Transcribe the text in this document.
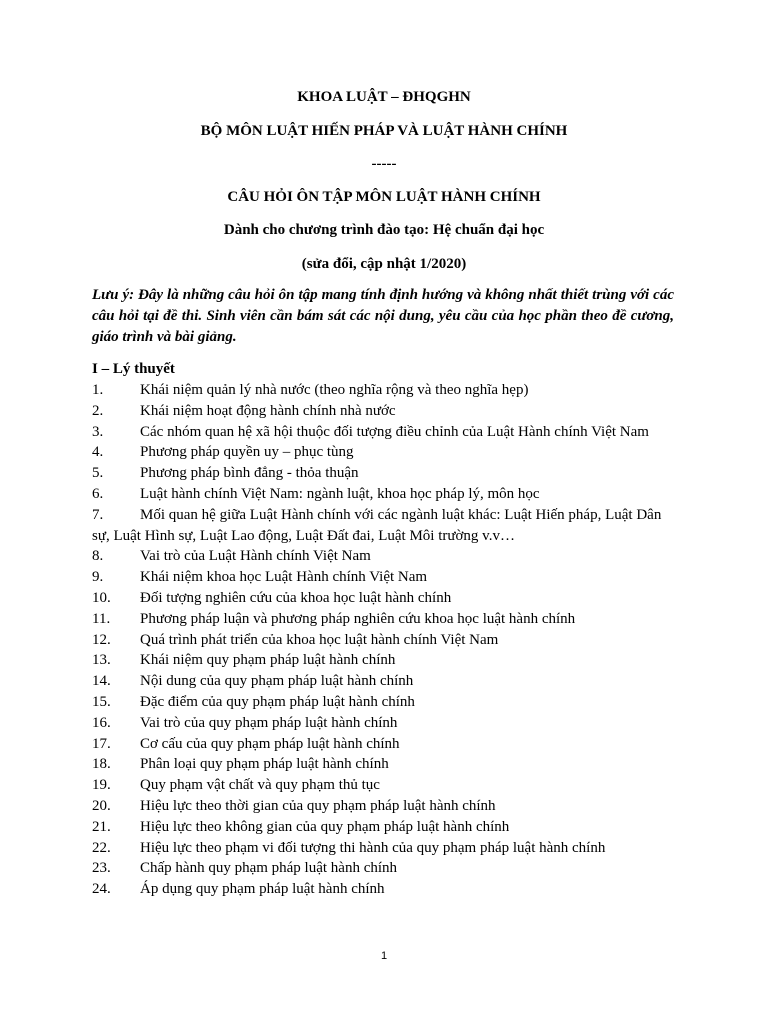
KHOA LUẬT – ĐHQGHN
BỘ MÔN LUẬT HIẾN PHÁP VÀ LUẬT HÀNH CHÍNH
-----
CÂU HỎI ÔN TẬP MÔN LUẬT HÀNH CHÍNH
Dành cho chương trình đào tạo: Hệ chuẩn đại học
(sửa đổi, cập nhật 1/2020)
Lưu ý: Đây là những câu hỏi ôn tập mang tính định hướng và không nhất thiết trùng với các câu hỏi tại đề thi. Sinh viên cần bám sát các nội dung, yêu cầu của học phần theo đề cương, giáo trình và bài giảng.
I – Lý thuyết
1.	Khái niệm quản lý nhà nước (theo nghĩa rộng và theo nghĩa hẹp)
2.	Khái niệm hoạt động hành chính nhà nước
3.	Các nhóm quan hệ xã hội thuộc đối tượng điều chỉnh của Luật Hành chính Việt Nam
4.	Phương pháp quyền uy – phục tùng
5.	Phương pháp bình đẳng - thỏa thuận
6.	Luật hành chính Việt Nam: ngành luật, khoa học pháp lý, môn học
7.	Mối quan hệ giữa Luật Hành chính với các ngành luật khác: Luật Hiến pháp, Luật Dân sự, Luật Hình sự, Luật Lao động, Luật Đất đai, Luật Môi trường v.v…
8.	Vai trò của Luật Hành chính Việt Nam
9.	Khái niệm khoa học Luật Hành chính Việt Nam
10.	Đối tượng nghiên cứu của khoa học luật hành chính
11.	Phương pháp luận và phương pháp nghiên cứu khoa học luật hành chính
12.	Quá trình phát triển của khoa học luật hành chính Việt Nam
13.	Khái niệm quy phạm pháp luật hành chính
14.	Nội dung của quy phạm pháp luật hành chính
15.	Đặc điểm của quy phạm pháp luật hành chính
16.	Vai trò của quy phạm pháp luật hành chính
17.	Cơ cấu của quy phạm pháp luật hành chính
18.	Phân loại quy phạm pháp luật hành chính
19.	Quy phạm vật chất và quy phạm thủ tục
20.	Hiệu lực theo thời gian của quy phạm pháp luật hành chính
21.	Hiệu lực theo không gian của quy phạm pháp luật hành chính
22.	Hiệu lực theo phạm vi đối tượng thi hành của quy phạm pháp luật hành chính
23.	Chấp hành quy phạm pháp luật hành chính
24.	Áp dụng quy phạm pháp luật hành chính
1
